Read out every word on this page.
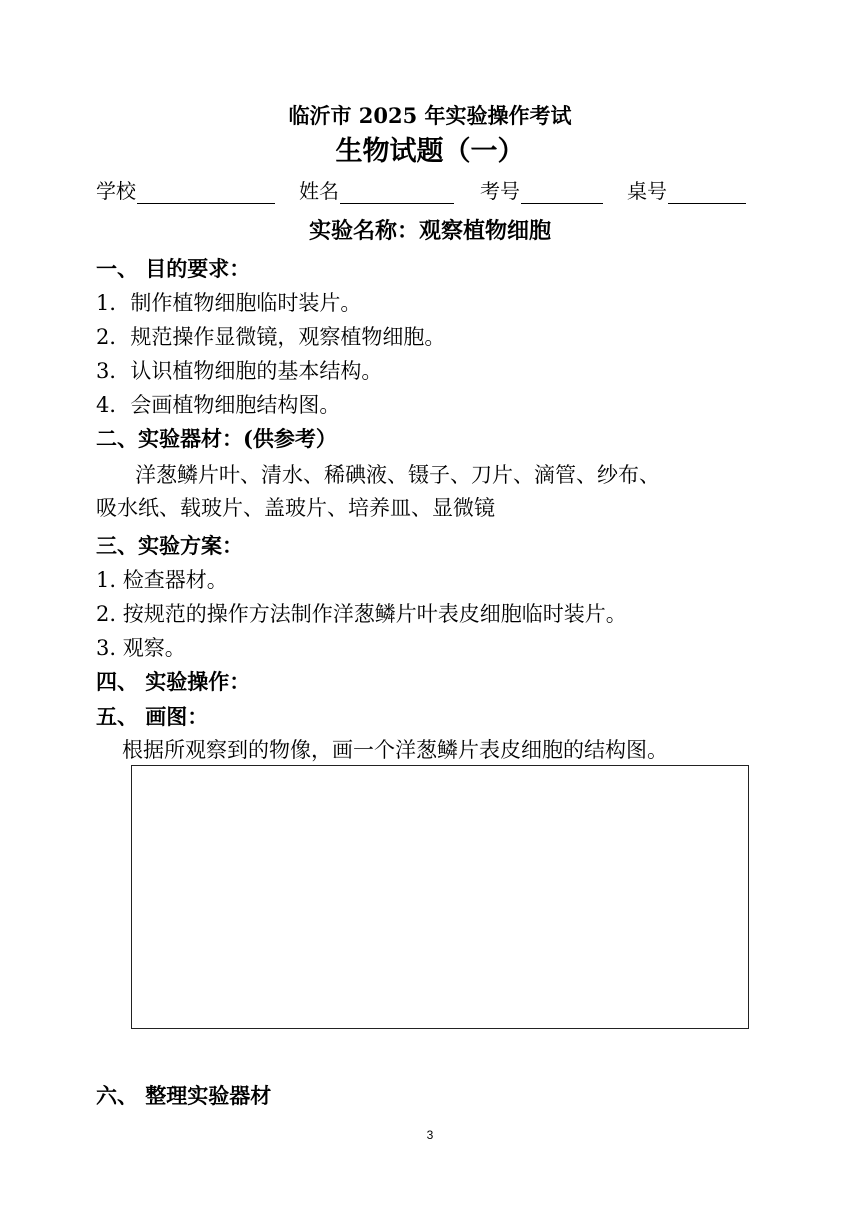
临沂市 2025 年实验操作考试
生物试题（一）
学校	姓名	考号	桌号
实验名称：观察植物细胞
一、 目的要求：
1．制作植物细胞临时装片。
2．规范操作显微镜，观察植物细胞。
3．认识植物细胞的基本结构。
4．会画植物细胞结构图。
二、实验器材：(供参考）
洋葱鳞片叶、清水、稀碘液、镊子、刀片、滴管、纱布、
吸水纸、载玻片、盖玻片、培养皿、显微镜
三、实验方案：
1. 检查器材。
2. 按规范的操作方法制作洋葱鳞片叶表皮细胞临时装片。
3. 观察。
四、 实验操作：
五、 画图：
根据所观察到的物像，画一个洋葱鳞片表皮细胞的结构图。
六、 整理实验器材
3
